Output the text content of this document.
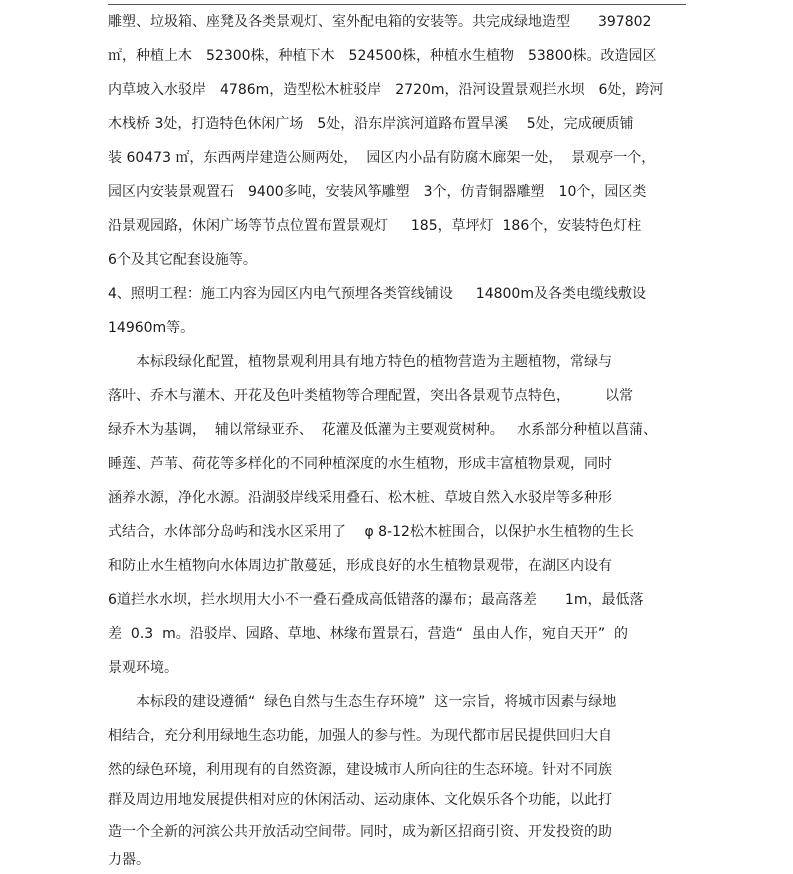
雕塑、垃圾箱、座凳及各类景观灯、室外配电箱的安装等。共完成绿地造型　　397802
㎡，种植上木　52300株，种植下木　524500株，种植水生植物　53800株。改造园区
内草坡入水驳岸　4786m，造型松木桩驳岸　2720m，沿河设置景观拦水坝　6处，跨河
木栈桥 3处，打造特色休闲广场　5处，沿东岸滨河道路布置旱溪　 5处，完成硬质铺
装 60473 ㎡，东西两岸建造公厕两处，  园区内小品有防腐木廊架一处，  景观亭一个，
园区内安装景观置石　9400多吨，安装风筝雕塑　3个，仿青铜器雕塑　10个，园区类
沿景观园路，休闲广场等节点位置布置景观灯　  185，草坪灯  186个，安装特色灯柱
6个及其它配套设施等。
4、照明工程：施工内容为园区内电气预埋各类管线铺设　  14800m及各类电缆线敷设
14960m等。
本标段绿化配置，植物景观利用具有地方特色的植物营造为主题植物，常绿与
落叶、乔木与灌木、开花及色叶类植物等合理配置，突出各景观节点特色，　　　以常
绿乔木为基调，  辅以常绿亚乔、  花灌及低灌为主要观赏树种。   水系部分种植以菖蒲、
睡莲、芦苇、荷花等多样化的不同种植深度的水生植物，形成丰富植物景观，同时
涵养水源，净化水源。沿湖驳岸线采用叠石、松木桩、草坡自然入水驳岸等多种形
式结合，水体部分岛屿和浅水区采用了　 φ 8-12松木桩围合，以保护水生植物的生长
和防止水生植物向水体周边扩散蔓延，形成良好的水生植物景观带，在湖区内设有
6道拦水水坝，拦水坝用大小不一叠石叠成高低错落的瀑布；最高落差　　1m，最低落
差  0.3  m。沿驳岸、园路、草地、林缘布置景石，营造“  虽由人作，宛自天开”  的
景观环境。
本标段的建设遵循“  绿色自然与生态生存环境”  这一宗旨，将城市因素与绿地
相结合，充分利用绿地生态功能，加强人的参与性。为现代都市居民提供回归大自
然的绿色环境，利用现有的自然资源，建设城市人所向往的生态环境。针对不同族
群及周边用地发展提供相对应的休闲活动、运动康体、文化娱乐各个功能，以此打
造一个全新的河滨公共开放活动空间带。同时，成为新区招商引资、开发投资的助
力器。
